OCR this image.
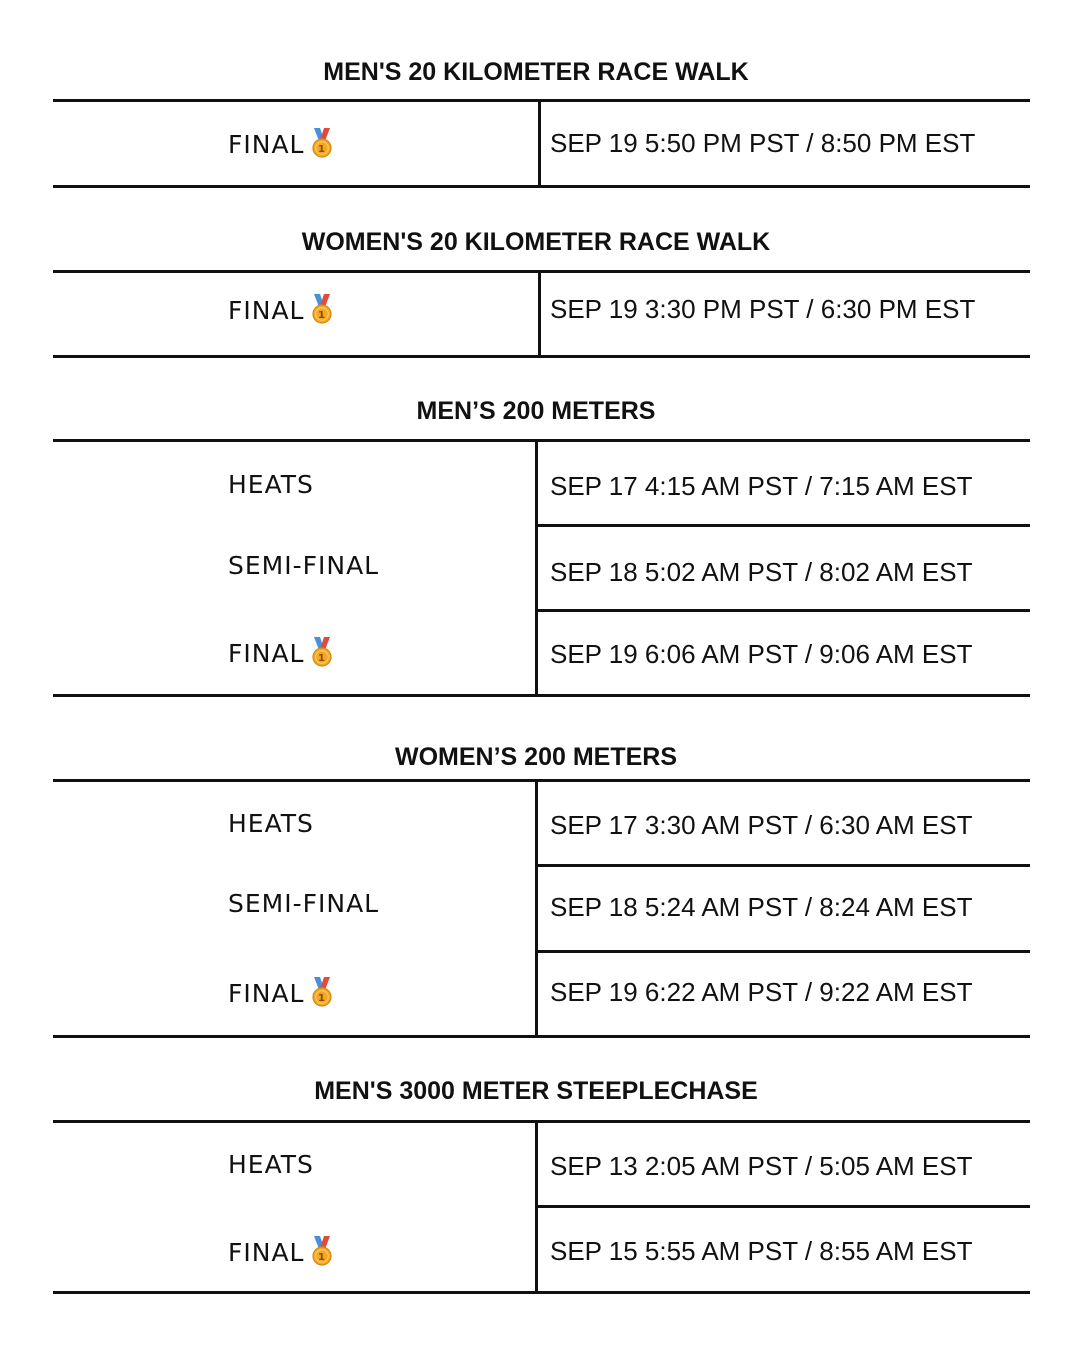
MEN'S 20 KILOMETER RACE WALK
FINAL 1	SEP 19 5:50 PM PST / 8:50 PM EST
WOMEN'S 20 KILOMETER RACE WALK
FINAL 1	SEP 19 3:30 PM PST / 6:30 PM EST
MEN’S 200 METERS
HEATS	SEP 17 4:15 AM PST / 7:15 AM EST
SEMI-FINAL	SEP 18 5:02 AM PST / 8:02 AM EST
FINAL 1	SEP 19 6:06 AM PST / 9:06 AM EST
WOMEN’S 200 METERS
HEATS	SEP 17 3:30 AM PST / 6:30 AM EST
SEMI-FINAL	SEP 18 5:24 AM PST / 8:24 AM EST
FINAL 1	SEP 19 6:22 AM PST / 9:22 AM EST
MEN'S 3000 METER STEEPLECHASE
HEATS	SEP 13 2:05 AM PST / 5:05 AM EST
FINAL 1	SEP 15 5:55 AM PST / 8:55 AM EST
